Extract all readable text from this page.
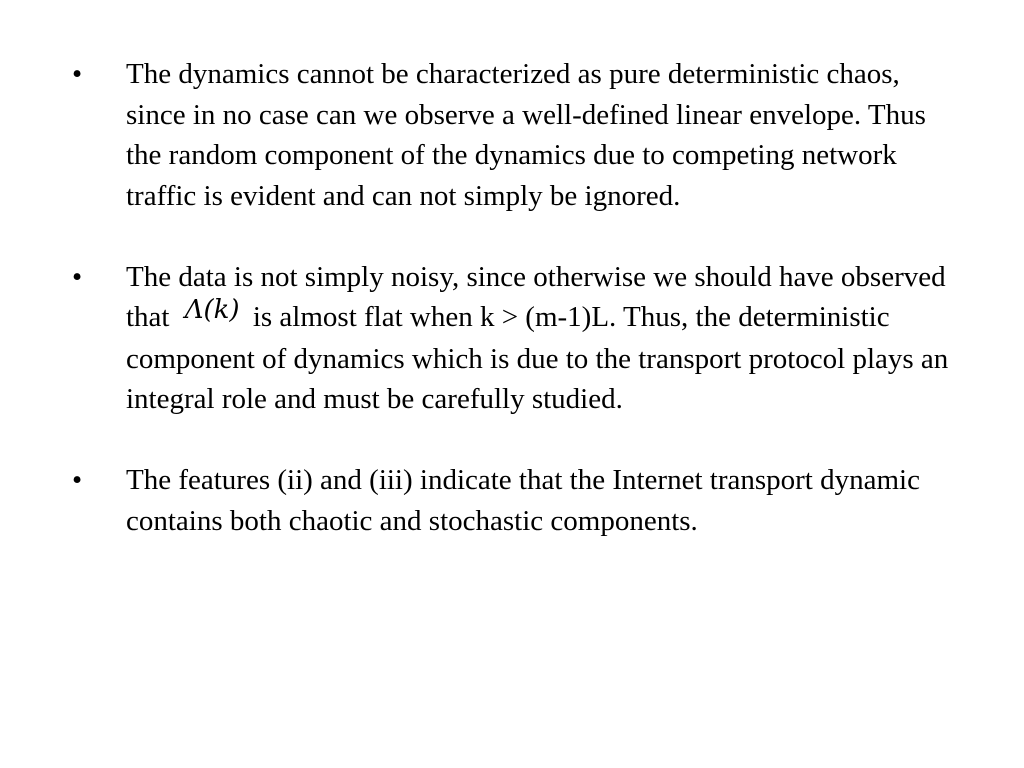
•	The dynamics cannot be characterized as pure deterministic chaos, since in no case can we observe a well-defined linear envelope. Thus the random component of the dynamics due to competing network traffic is evident and can not simply be ignored.
•	The data is not simply noisy, since otherwise we should have observed that Λ(k) is almost flat when k > (m-1)L. Thus, the deterministic component of dynamics which is due to the transport protocol plays an integral role and must be carefully studied.
•	The features (ii) and (iii) indicate that the Internet transport dynamic contains both chaotic and stochastic components.
